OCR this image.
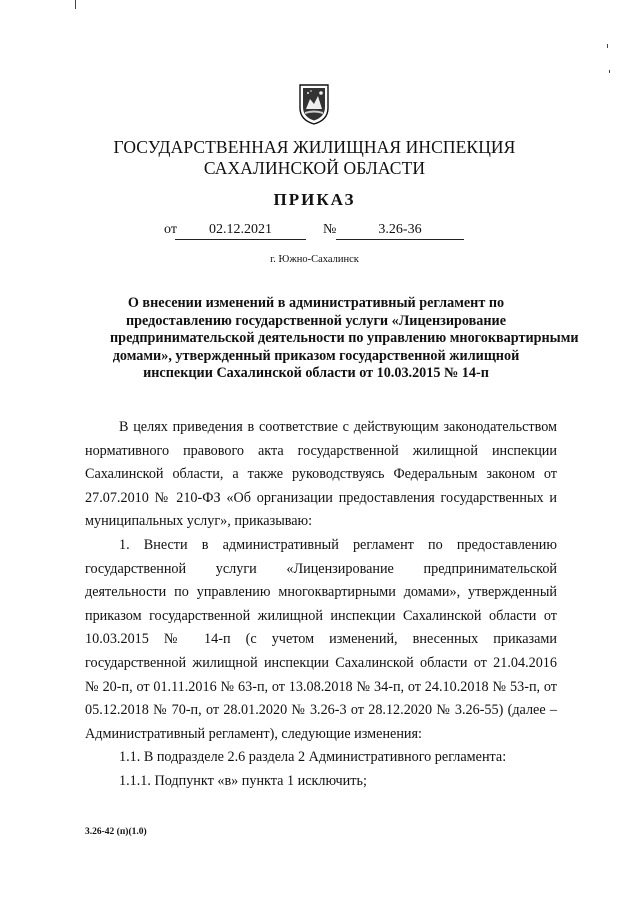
ГОСУДАРСТВЕННАЯ ЖИЛИЩНАЯ ИНСПЕКЦИЯ
САХАЛИНСКОЙ ОБЛАСТИ
ПРИКАЗ
от	02.12.2021	№	3.26-36
г. Южно-Сахалинск
О внесении изменений в административный регламент по
предоставлению государственной услуги «Лицензирование
предпринимательской деятельности по управлению многоквартирными
домами», утвержденный приказом государственной жилищной
инспекции Сахалинской области от 10.03.2015 № 14-п
В целях приведения в соответствие с действующим законодательством
нормативного правового акта государственной жилищной инспекции
Сахалинской области, а также руководствуясь Федеральным законом от
27.07.2010 № 210-ФЗ «Об организации предоставления государственных и
муниципальных услуг», приказываю:
1. Внести в административный регламент по предоставлению
государственной услуги «Лицензирование предпринимательской
деятельности по управлению многоквартирными домами», утвержденный
приказом государственной жилищной инспекции Сахалинской области от
10.03.2015 № 14-п (с учетом изменений, внесенных приказами
государственной жилищной инспекции Сахалинской области от 21.04.2016
№ 20-п, от 01.11.2016 № 63-п, от 13.08.2018 № 34-п, от 24.10.2018 № 53-п, от
05.12.2018 № 70-п, от 28.01.2020 № 3.26-3 от 28.12.2020 № 3.26-55) (далее –
Административный регламент), следующие изменения:
1.1. В подразделе 2.6 раздела 2 Административного регламента:
1.1.1. Подпункт «в» пункта 1 исключить;
3.26-42 (п)(1.0)
